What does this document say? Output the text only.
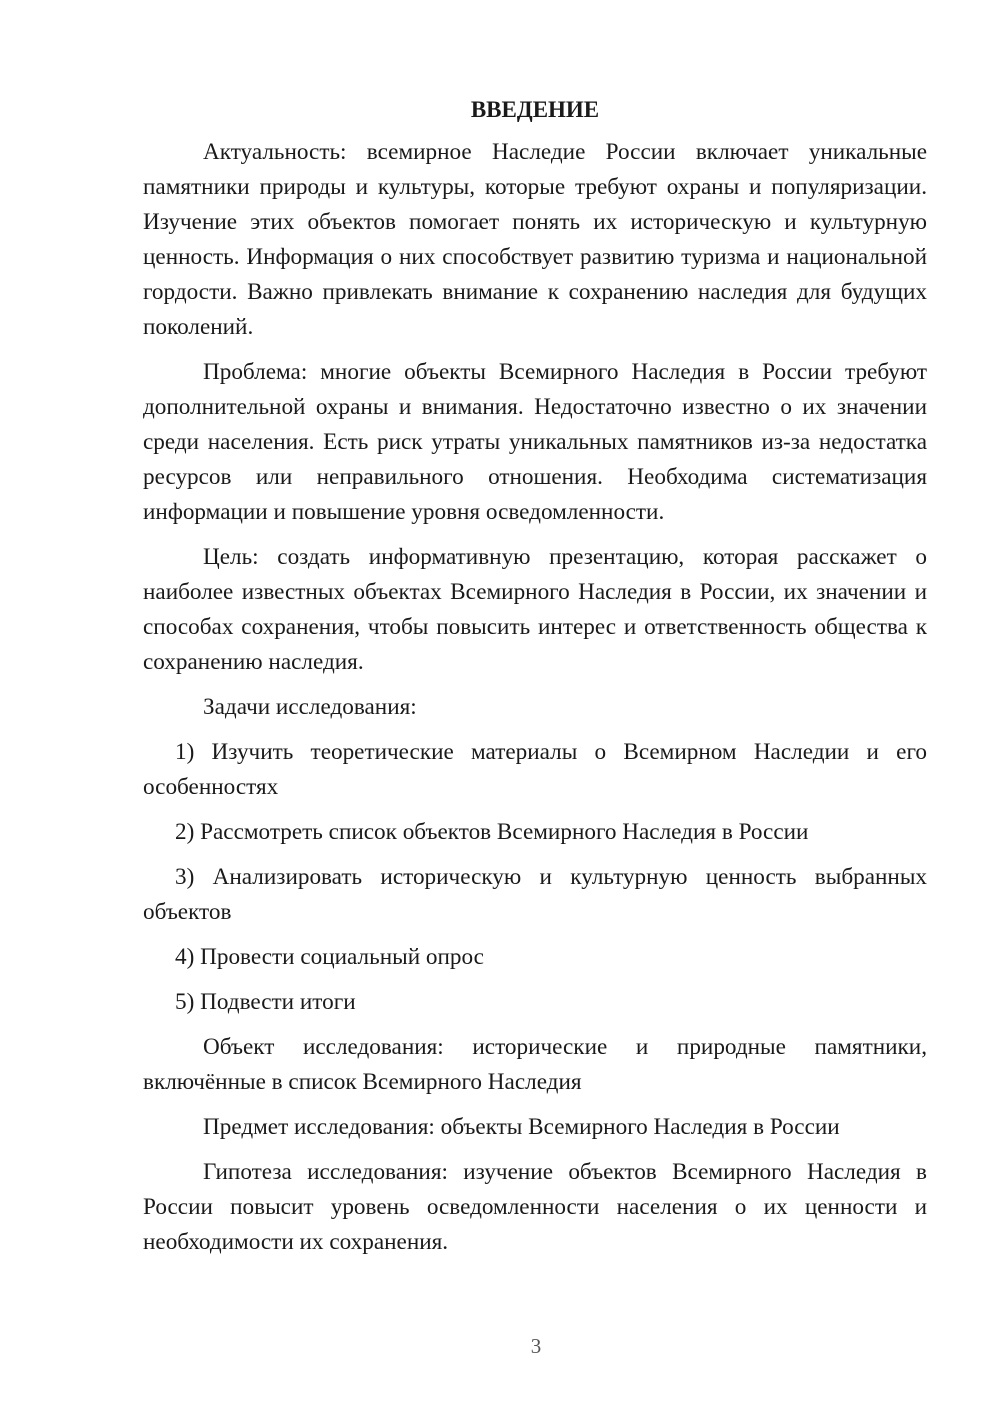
ВВЕДЕНИЕ

Актуальность: всемирное Наследие России включает уникальные памятники природы и культуры, которые требуют охраны и популяризации. Изучение этих объектов помогает понять их историческую и культурную ценность. Информация о них способствует развитию туризма и национальной гордости. Важно привлекать внимание к сохранению наследия для будущих поколений.

Проблема: многие объекты Всемирного Наследия в России требуют дополнительной охраны и внимания. Недостаточно известно о их значении среди населения. Есть риск утраты уникальных памятников из-за недостатка ресурсов или неправильного отношения. Необходима систематизация информации и повышение уровня осведомленности.

Цель: создать информативную презентацию, которая расскажет о наиболее известных объектах Всемирного Наследия в России, их значении и способах сохранения, чтобы повысить интерес и ответственность общества к сохранению наследия.

Задачи исследования:

1) Изучить теоретические материалы о Всемирном Наследии и его особенностях

2) Рассмотреть список объектов Всемирного Наследия в России

3) Анализировать историческую и культурную ценность выбранных объектов

4) Провести социальный опрос

5) Подвести итоги

Объект исследования: исторические и природные памятники, включённые в список Всемирного Наследия

Предмет исследования: объекты Всемирного Наследия в России

Гипотеза исследования: изучение объектов Всемирного Наследия в России повысит уровень осведомленности населения о их ценности и необходимости их сохранения.

3
